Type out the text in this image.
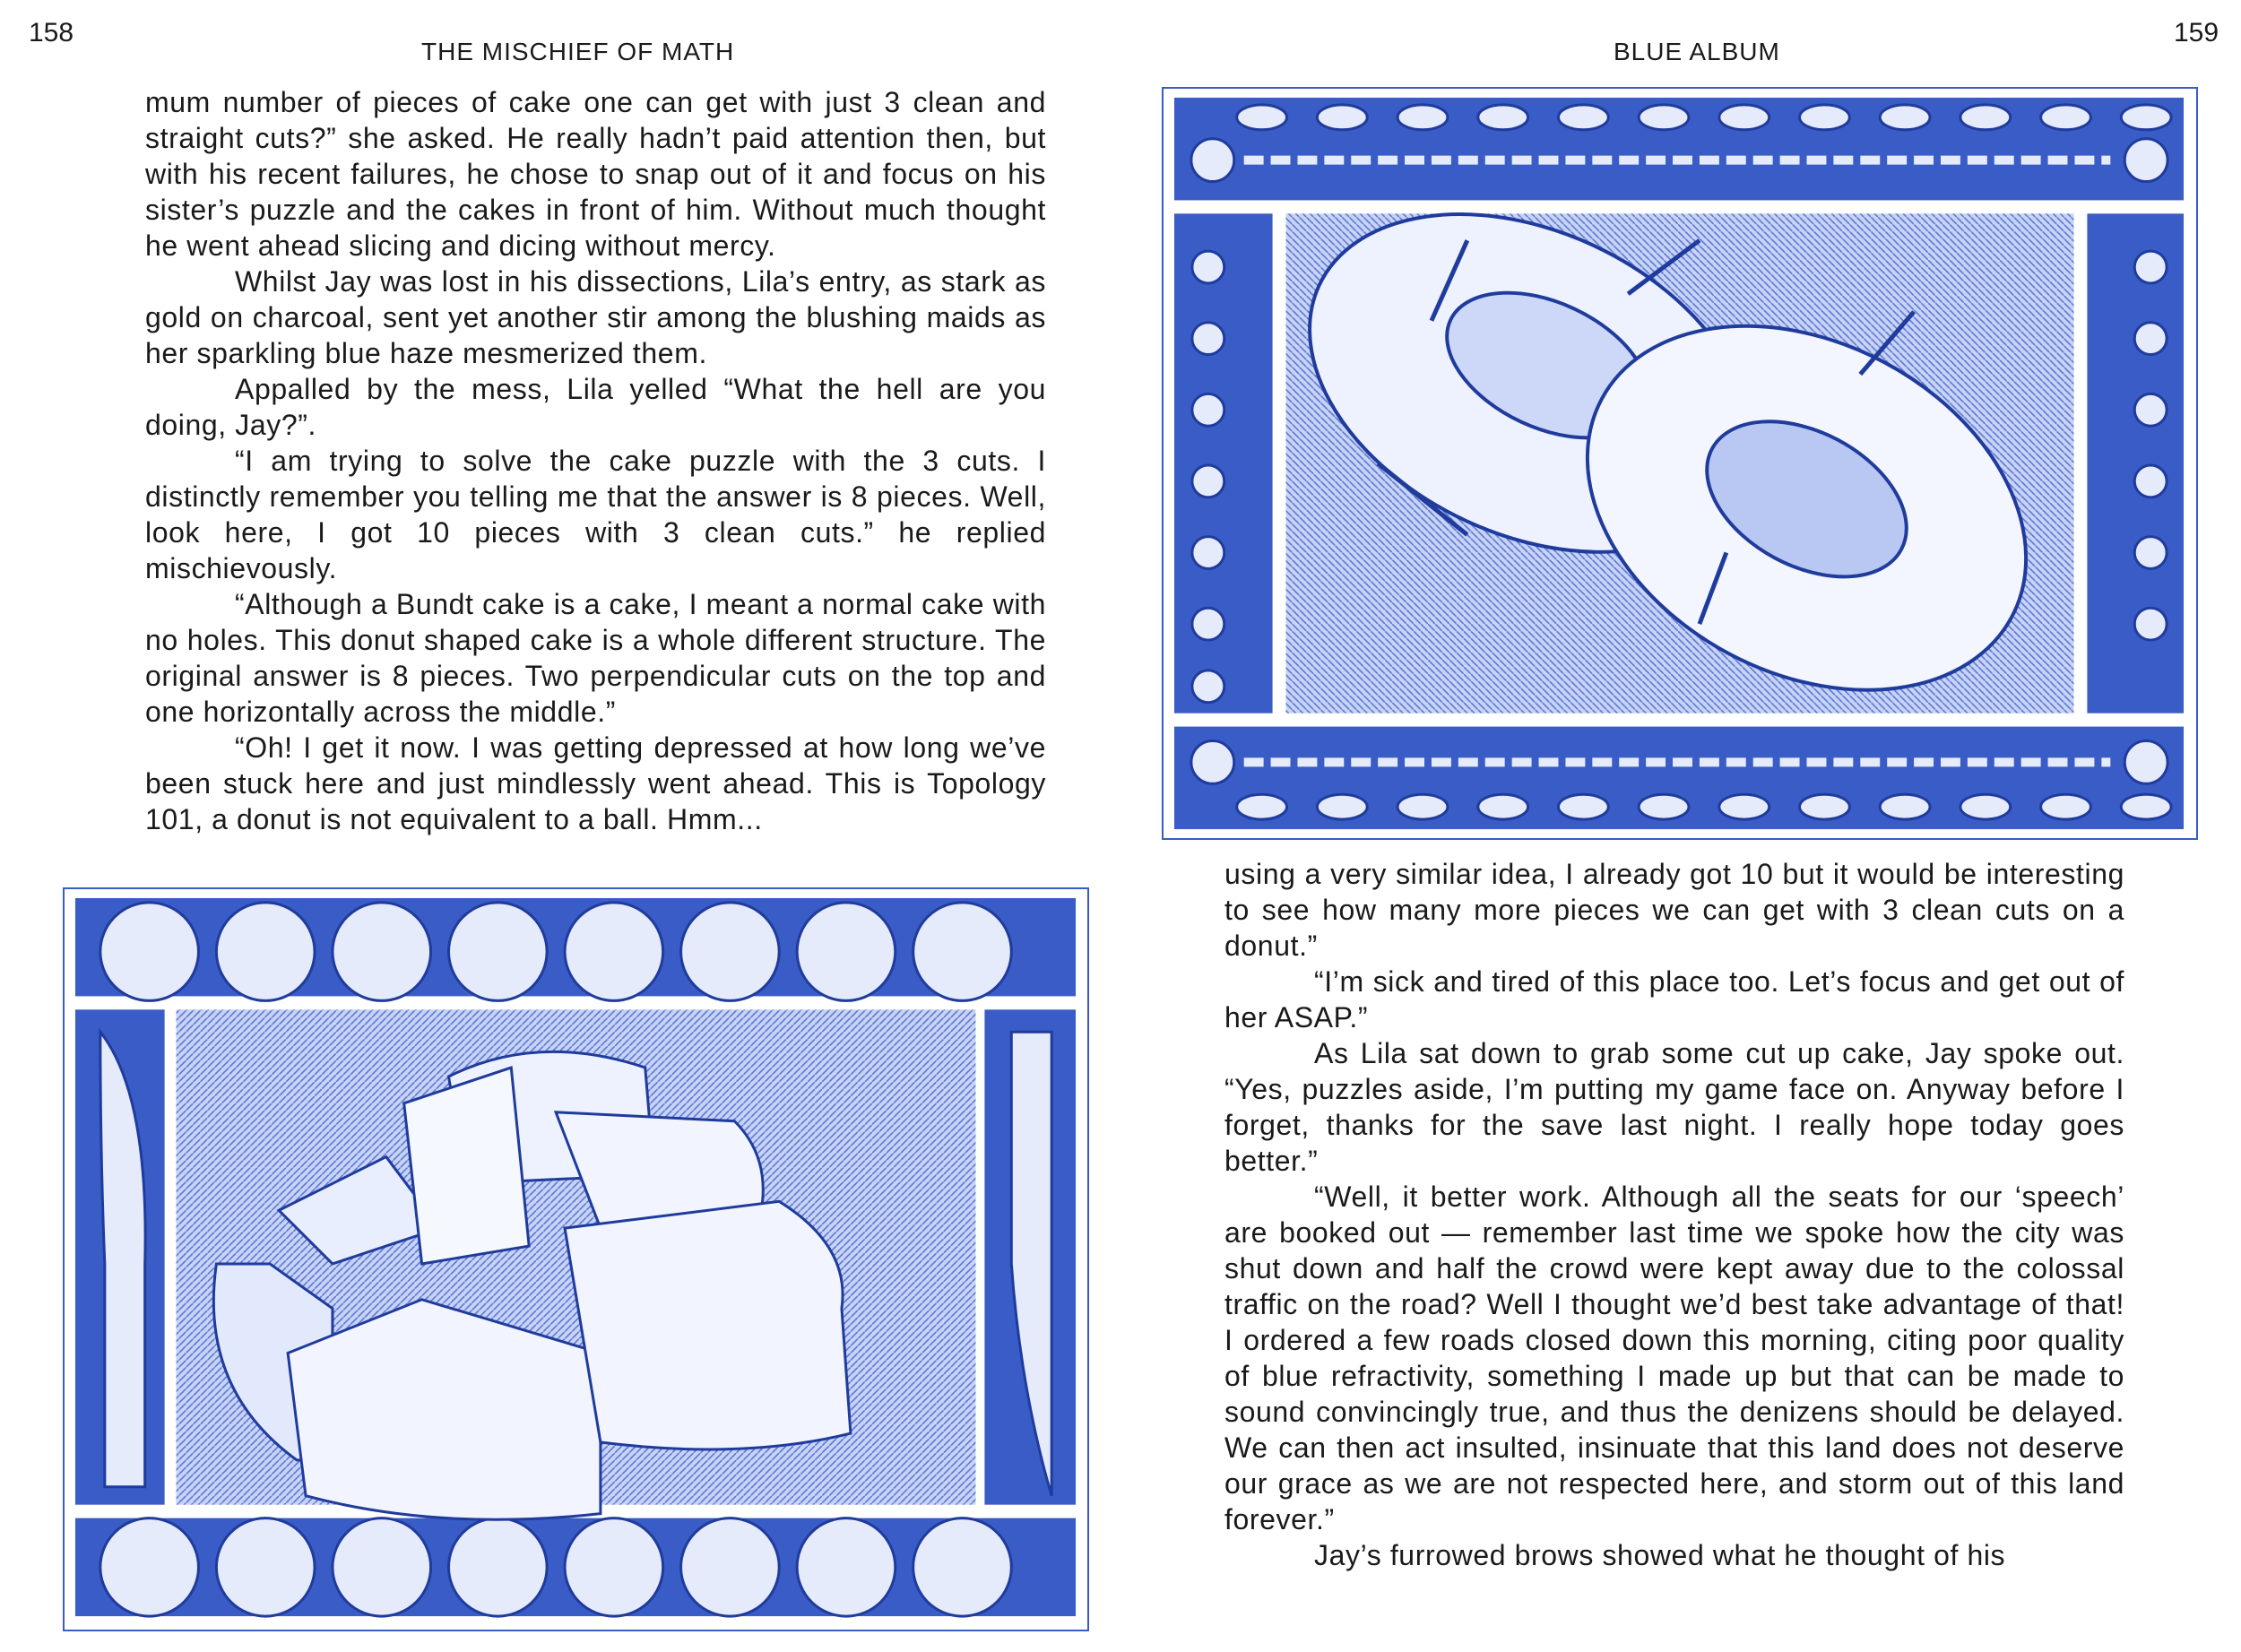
158
THE MISCHIEF OF MATH

mum number of pieces of cake one can get with just 3 clean and straight cuts?” she asked. He really hadn’t paid attention then, but with his recent failures, he chose to snap out of it and focus on his sister’s puzzle and the cakes in front of him. Without much thought he went ahead slicing and dicing without mercy.

Whilst Jay was lost in his dissections, Lila’s entry, as stark as gold on charcoal, sent yet another stir among the blushing maids as her sparkling blue haze mesmerized them.

Appalled by the mess, Lila yelled “What the hell are you doing, Jay?”.

“I am trying to solve the cake puzzle with the 3 cuts. I distinctly remember you telling me that the answer is 8 pieces. Well, look here, I got 10 pieces with 3 clean cuts.” he replied mischievously.

“Although a Bundt cake is a cake, I meant a normal cake with no holes. This donut shaped cake is a whole different structure. The original answer is 8 pieces. Two perpendicular cuts on the top and one horizontally across the middle.”

“Oh! I get it now. I was getting depressed at how long we’ve been stuck here and just mindlessly went ahead. This is Topology 101, a donut is not equivalent to a ball. Hmm...

159
BLUE ALBUM

using a very similar idea, I already got 10 but it would be interesting to see how many more pieces we can get with 3 clean cuts on a donut.”

“I’m sick and tired of this place too. Let’s focus and get out of her ASAP.”

As Lila sat down to grab some cut up cake, Jay spoke out. “Yes, puzzles aside, I’m putting my game face on. Anyway before I forget, thanks for the save last night. I really hope today goes better.”

“Well, it better work. Although all the seats for our ‘speech’ are booked out — remember last time we spoke how the city was shut down and half the crowd were kept away due to the colossal traffic on the road? Well I thought we’d best take advantage of that! I ordered a few roads closed down this morning, citing poor quality of blue refractivity, something I made up but that can be made to sound convincingly true, and thus the denizens should be delayed. We can then act insulted, insinuate that this land does not deserve our grace as we are not respected here, and storm out of this land forever.”

Jay’s furrowed brows showed what he thought of his
